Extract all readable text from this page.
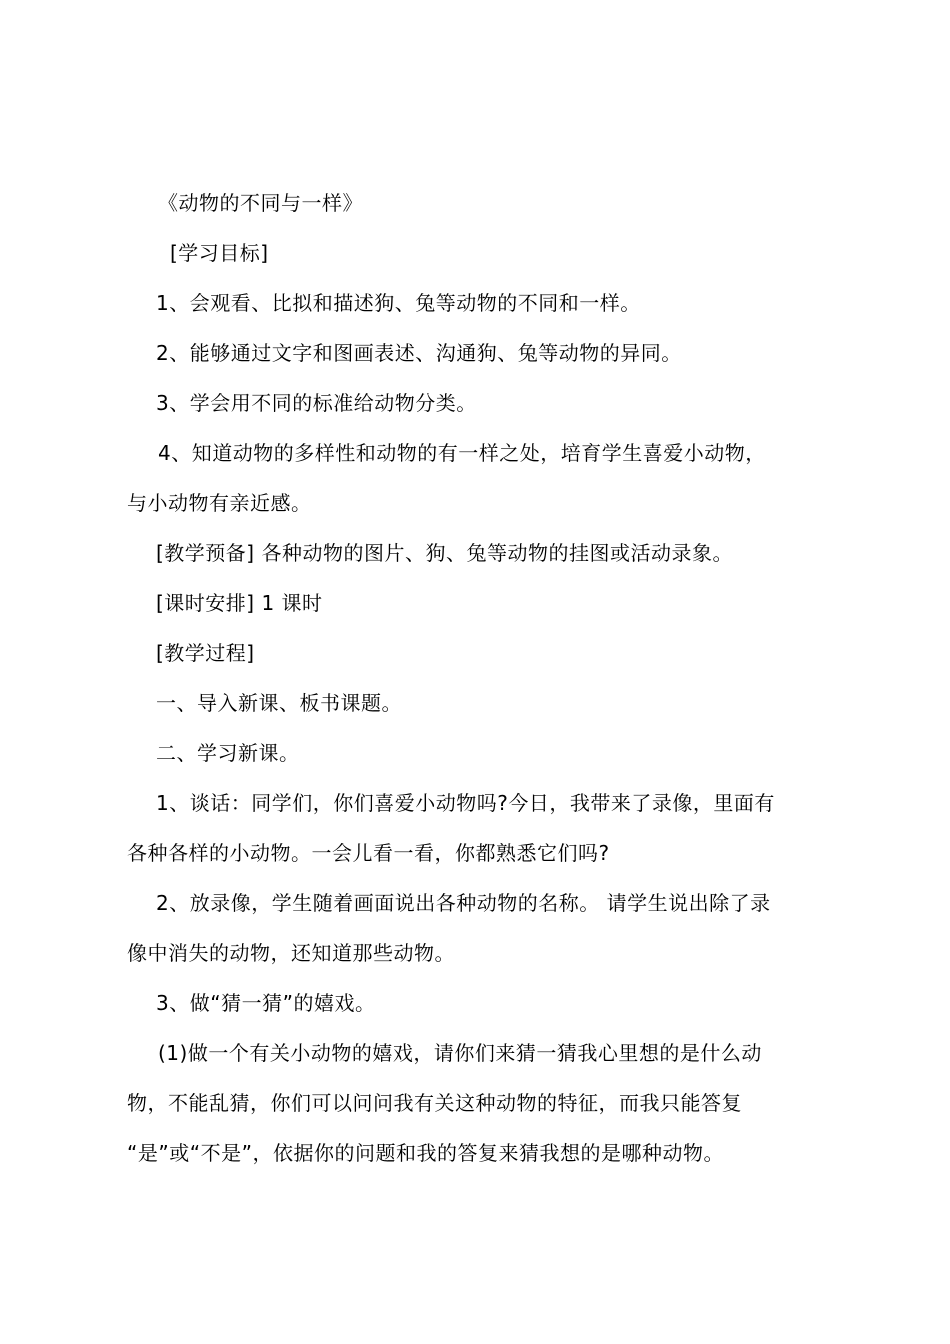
《动物的不同与一样》
[学习目标]
1、会观看、比拟和描述狗、兔等动物的不同和一样。
2、能够通过文字和图画表述、沟通狗、兔等动物的异同。
3、学会用不同的标准给动物分类。
4、知道动物的多样性和动物的有一样之处，培育学生喜爱小动物，
与小动物有亲近感。
[教学预备] 各种动物的图片、狗、兔等动物的挂图或活动录象。
[课时安排] 1 课时
[教学过程]
一、导入新课、板书课题。
二、学习新课。
1、谈话：同学们，你们喜爱小动物吗?今日，我带来了录像，里面有
各种各样的小动物。一会儿看一看，你都熟悉它们吗?
2、放录像，学生随着画面说出各种动物的名称。 请学生说出除了录
像中消失的动物，还知道那些动物。
3、做“猜一猜”的嬉戏。
(1)做一个有关小动物的嬉戏，请你们来猜一猜我心里想的是什么动
物，不能乱猜，你们可以问问我有关这种动物的特征，而我只能答复
“是”或“不是”，依据你的问题和我的答复来猜我想的是哪种动物。
